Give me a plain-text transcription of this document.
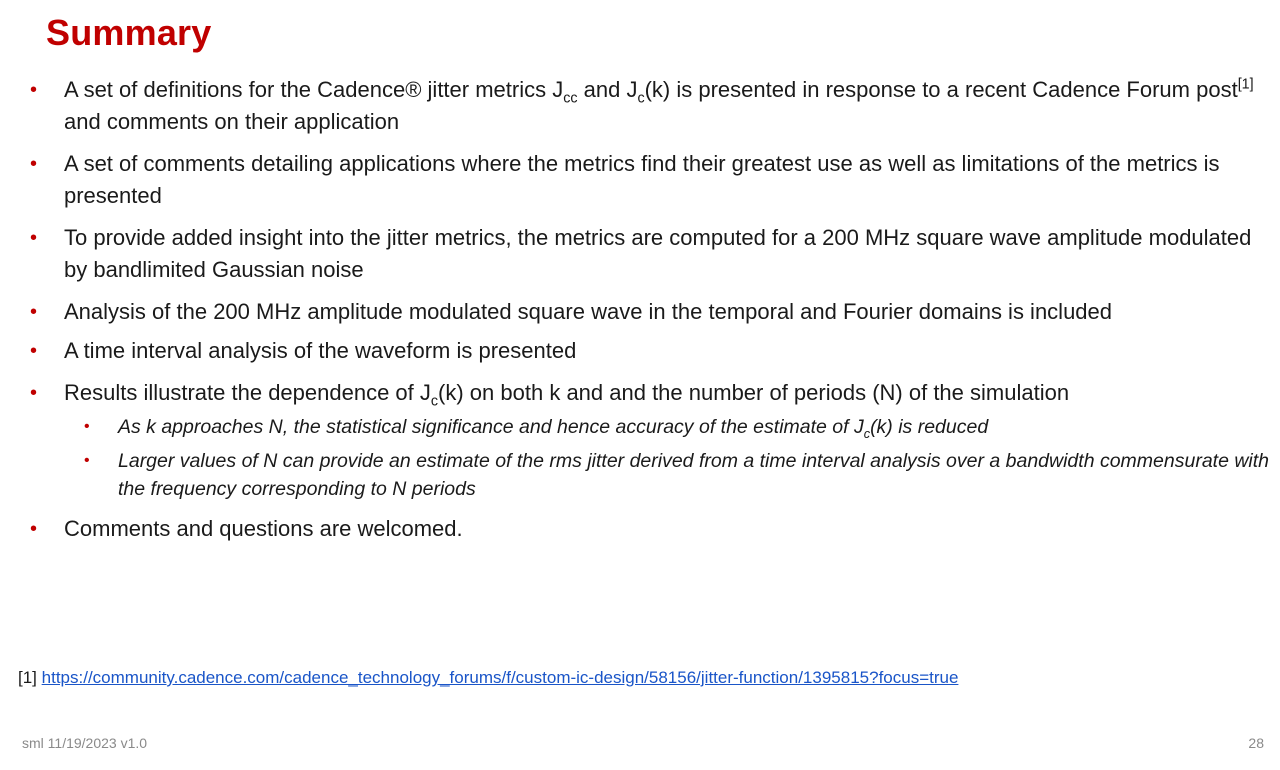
Summary
• A set of definitions for the Cadence® jitter metrics $J_{cc}$ and $J_c(k)$ is presented in response to a recent Cadence Forum post[1] and comments on their application
• A set of comments detailing applications where the metrics find their greatest use as well as limitations of the metrics is presented
• To provide added insight into the jitter metrics, the metrics are computed for a 200 MHz square wave amplitude modulated by bandlimited Gaussian noise
• Analysis of the 200 MHz amplitude modulated square wave in the temporal and Fourier domains is included
• A time interval analysis of the waveform is presented
• Results illustrate the dependence of $J_c(k)$ on both k and and the number of periods (N) of the simulation
• As k approaches N, the statistical significance and hence accuracy of the estimate of $J_c(k)$ is reduced
• Larger values of N can provide an estimate of the rms jitter derived from a time interval analysis over a bandwidth commensurate with the frequency corresponding to N periods
• Comments and questions are welcomed.
[1] https://community.cadence.com/cadence_technology_forums/f/custom-ic-design/58156/jitter-function/1395815?focus=true
sml 11/19/2023 v1.0	28
